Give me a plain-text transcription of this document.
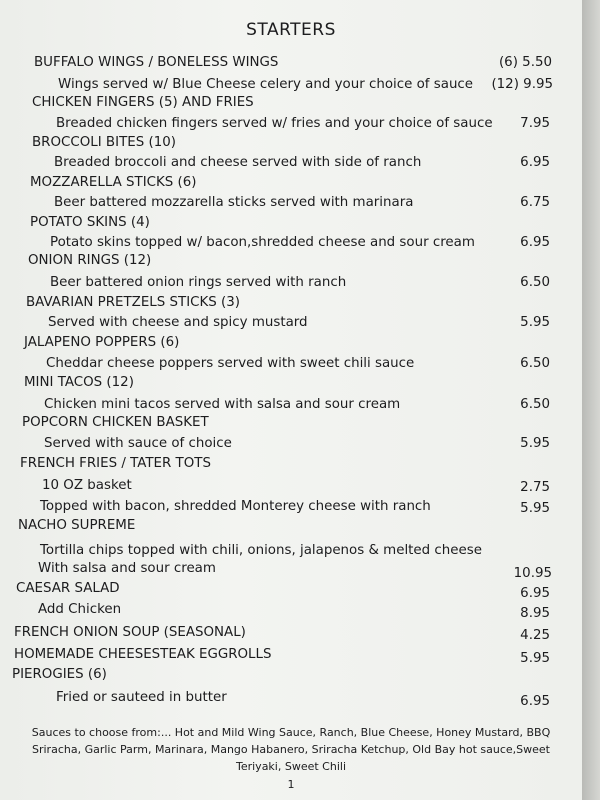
STARTERS
BUFFALO WINGS / BONELESS WINGS	(6) 5.50
Wings served w/ Blue Cheese celery and your choice of sauce	(12) 9.95
CHICKEN FINGERS (5) AND FRIES
Breaded chicken fingers served w/ fries and your choice of sauce	7.95
BROCCOLI BITES (10)
Breaded broccoli and cheese served with side of ranch	6.95
MOZZARELLA STICKS (6)
Beer battered mozzarella sticks served with marinara	6.75
POTATO SKINS (4)
Potato skins topped w/ bacon,shredded cheese and sour cream	6.95
ONION RINGS (12)
Beer battered onion rings served with ranch	6.50
BAVARIAN PRETZELS STICKS (3)
Served with cheese and spicy mustard	5.95
JALAPENO POPPERS (6)
Cheddar cheese poppers served with sweet chili sauce	6.50
MINI TACOS (12)
Chicken mini tacos served with salsa and sour cream	6.50
POPCORN CHICKEN BASKET
Served with sauce of choice	5.95
FRENCH FRIES / TATER TOTS
10 OZ basket	2.75
Topped with bacon, shredded Monterey cheese with ranch	5.95
NACHO SUPREME
Tortilla chips topped with chili, onions, jalapenos & melted cheese
With salsa and sour cream	10.95
CAESAR SALAD	6.95
Add Chicken	8.95
FRENCH ONION SOUP (SEASONAL)	4.25
HOMEMADE CHEESESTEAK EGGROLLS	5.95
PIEROGIES (6)
Fried or sauteed in butter	6.95
Sauces to choose from:... Hot and Mild Wing Sauce, Ranch, Blue Cheese, Honey Mustard, BBQ
Sriracha, Garlic Parm, Marinara, Mango Habanero, Sriracha Ketchup, Old Bay hot sauce,Sweet
Teriyaki, Sweet Chili
1
